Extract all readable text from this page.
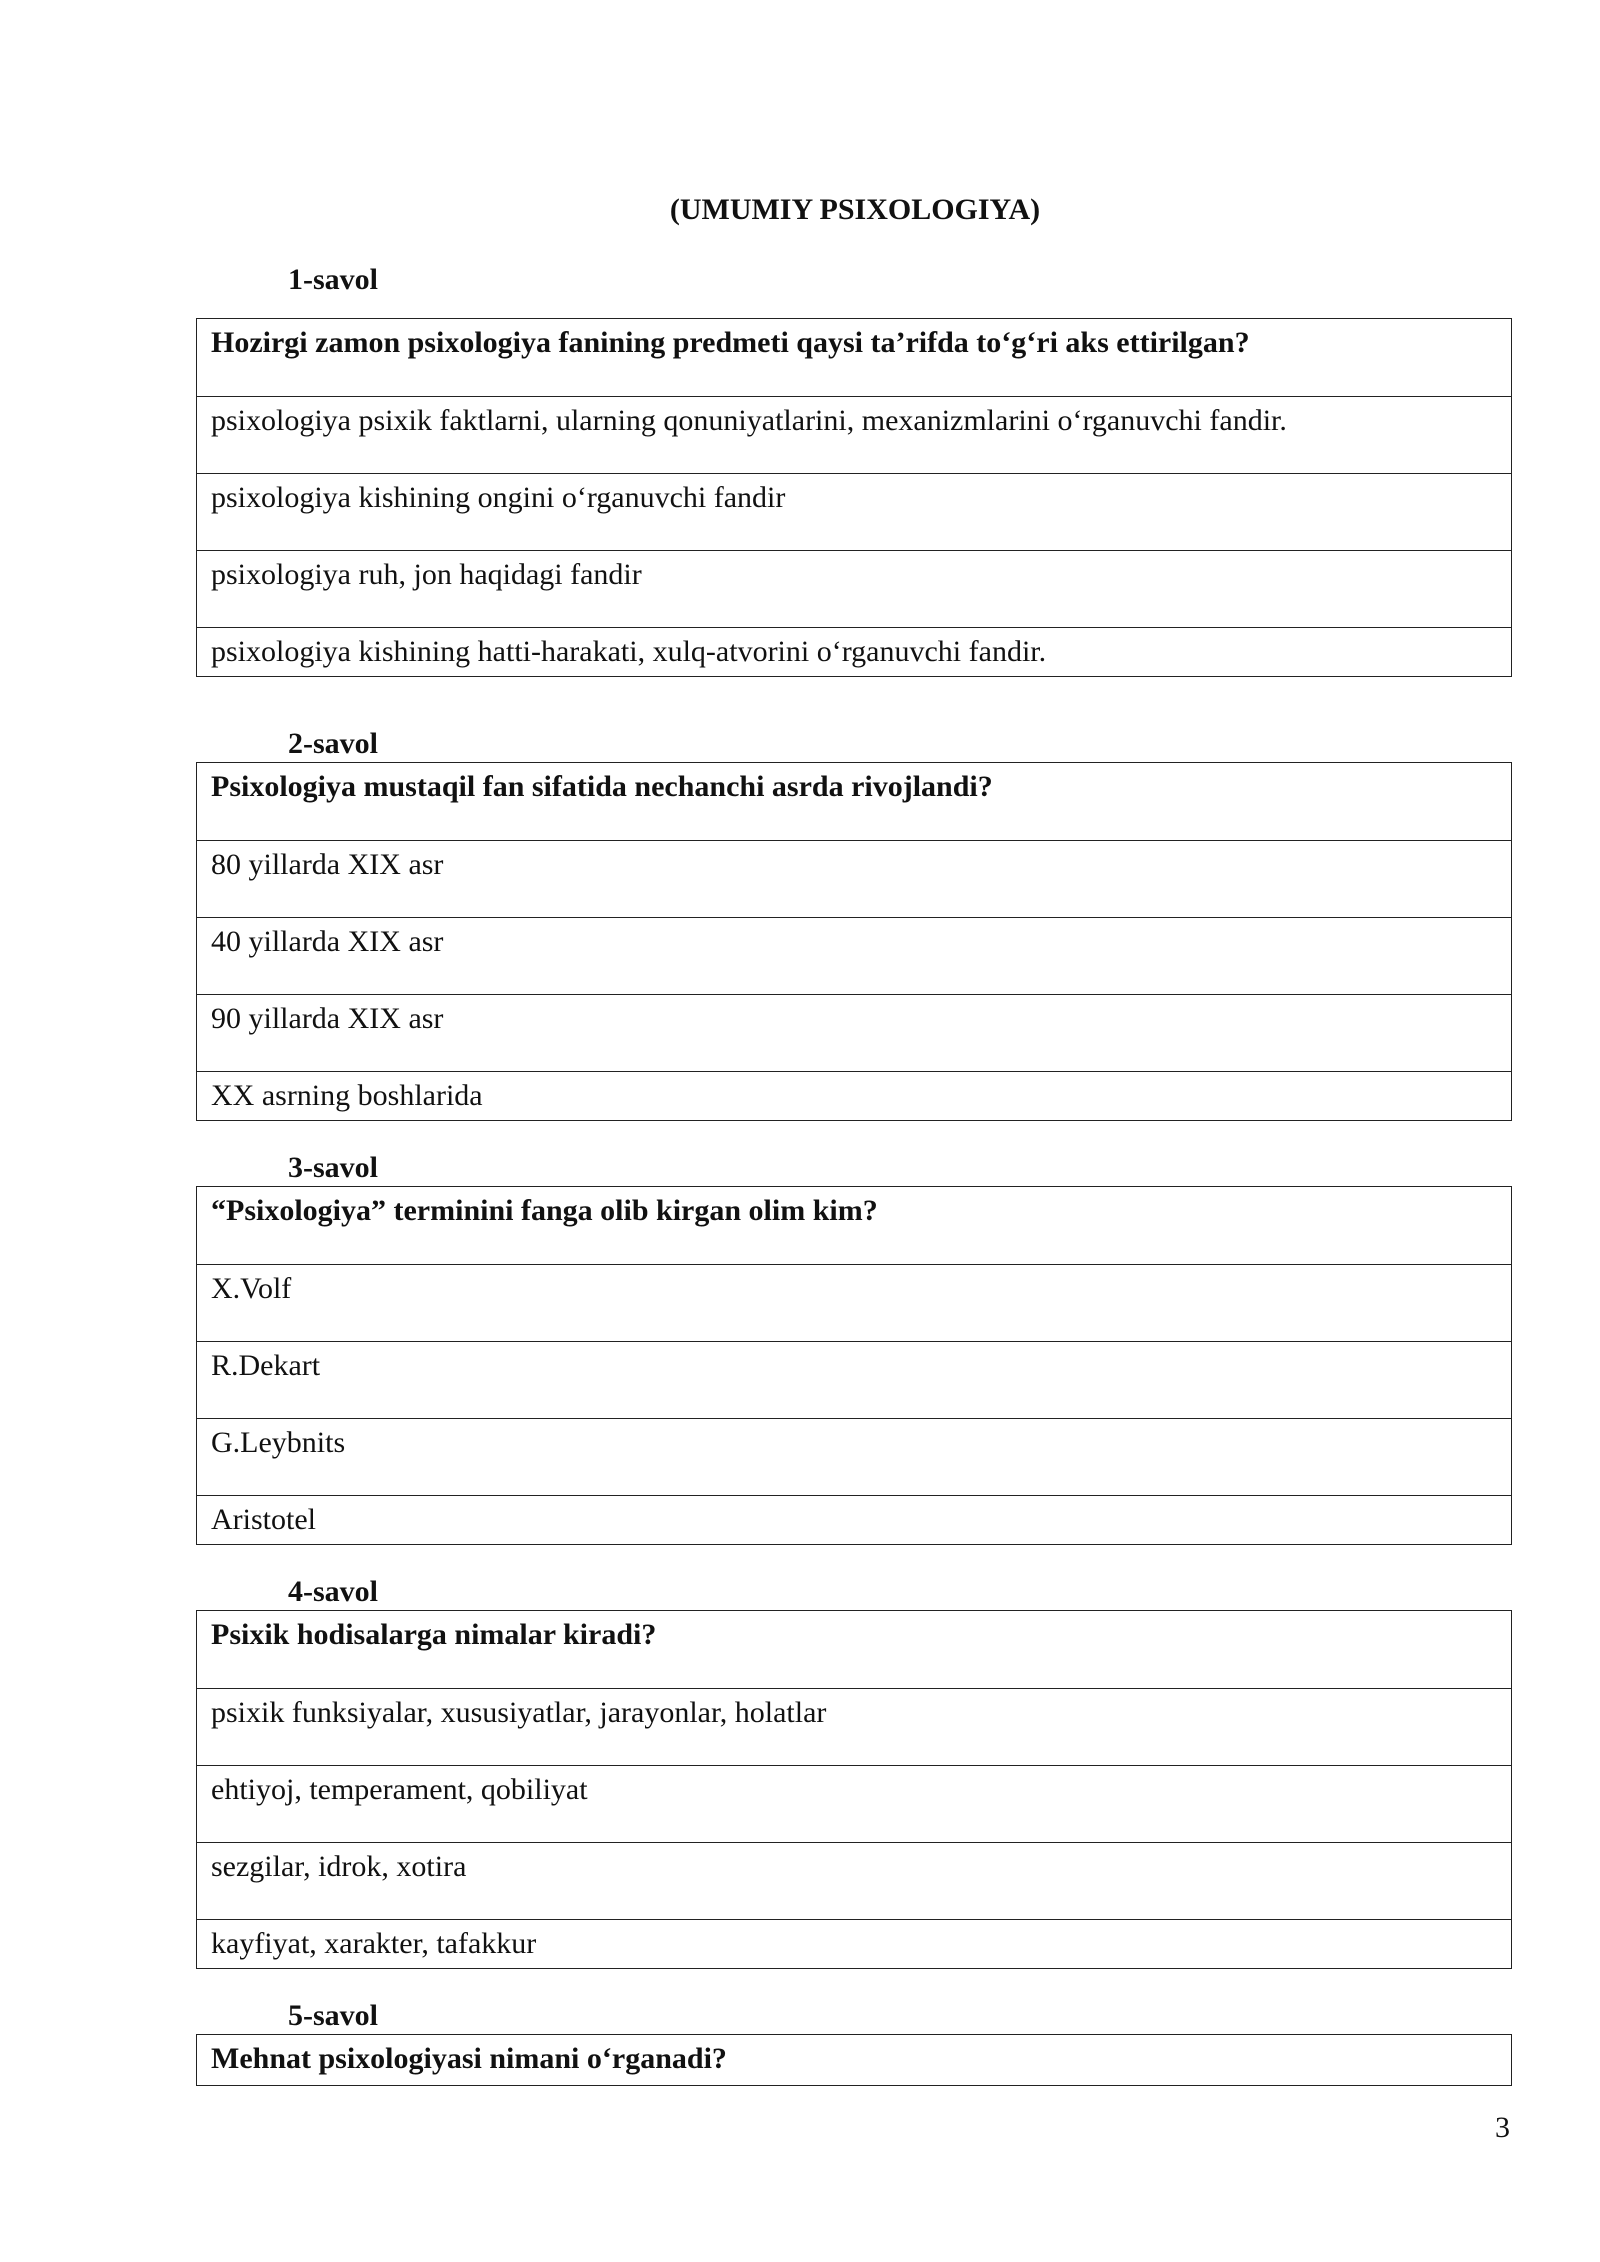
(UMUMIY PSIXOLOGIYA)
1-savol
Hozirgi zamon psixologiya fanining predmeti qaysi ta’rifda to‘g‘ri aks ettirilgan?
psixologiya psixik faktlarni, ularning qonuniyatlarini, mexanizmlarini o‘rganuvchi fandir.
psixologiya kishining ongini o‘rganuvchi fandir
psixologiya ruh, jon haqidagi fandir
psixologiya kishining hatti-harakati, xulq-atvorini o‘rganuvchi fandir.
2-savol
Psixologiya mustaqil fan sifatida nechanchi asrda rivojlandi?
80 yillarda XIX asr
40 yillarda XIX asr
90 yillarda XIX asr
XX asrning boshlarida
3-savol
“Psixologiya” terminini fanga olib kirgan olim kim?
X.Volf
R.Dekart
G.Leybnits
Aristotel
4-savol
Psixik hodisalarga nimalar kiradi?
psixik funksiyalar, xususiyatlar, jarayonlar, holatlar
ehtiyoj, temperament, qobiliyat
sezgilar, idrok, xotira
kayfiyat, xarakter, tafakkur
5-savol
Mehnat psixologiyasi nimani o‘rganadi?
3
